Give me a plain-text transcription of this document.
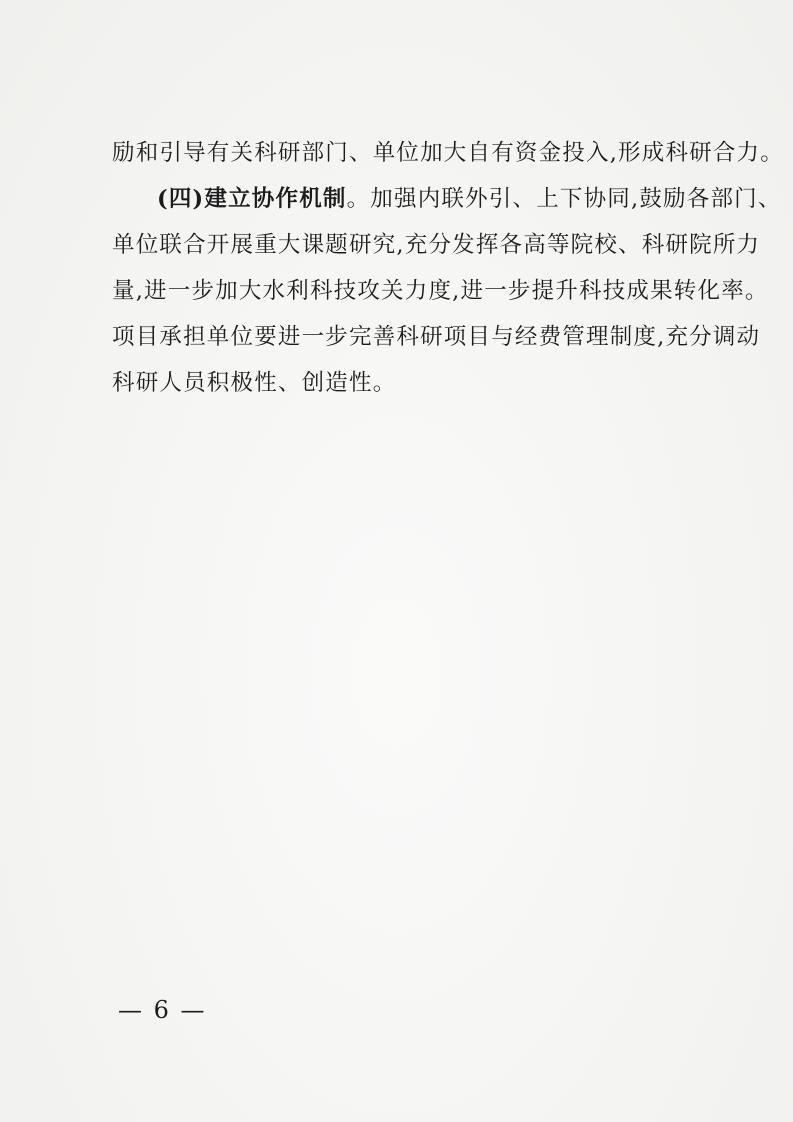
励和引导有关科研部门、单位加大自有资金投入,形成科研合力。
(四)建立协作机制。加强内联外引、上下协同,鼓励各部门、
单位联合开展重大课题研究,充分发挥各高等院校、科研院所力
量,进一步加大水利科技攻关力度,进一步提升科技成果转化率。
项目承担单位要进一步完善科研项目与经费管理制度,充分调动
科研人员积极性、创造性。
— 6 —
